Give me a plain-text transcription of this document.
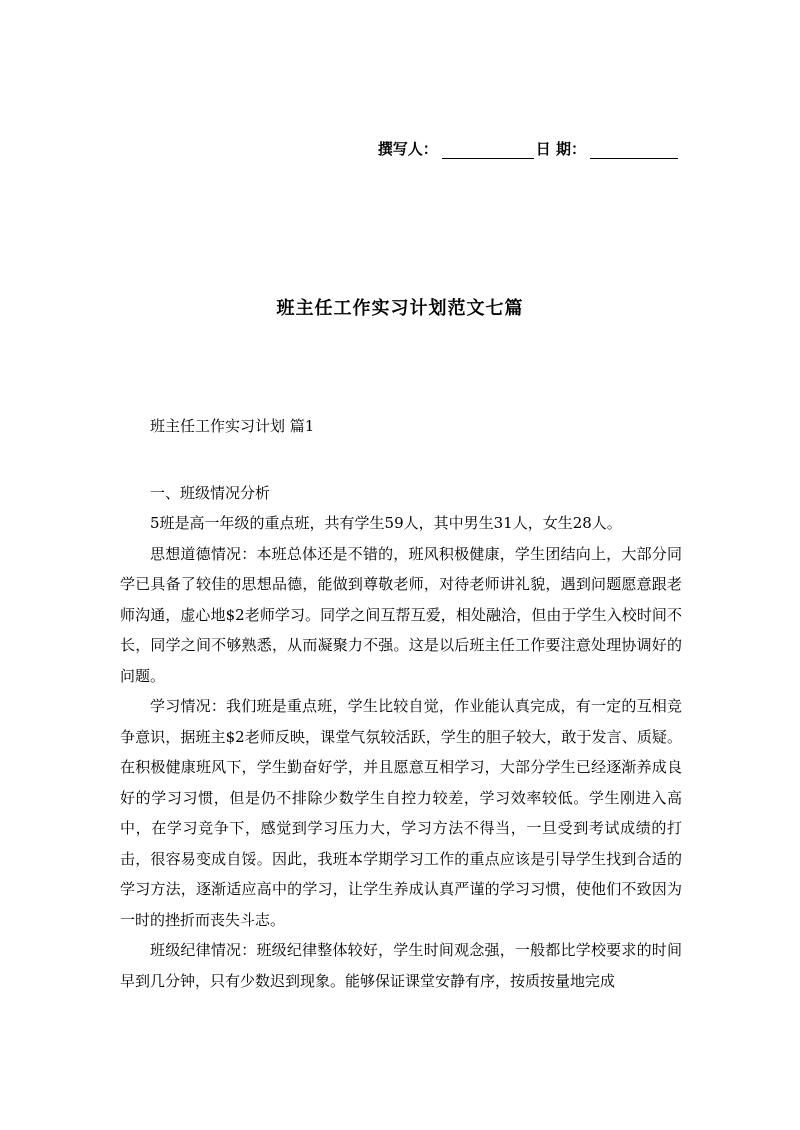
撰写人：	日 期：
班主任工作实习计划范文七篇
班主任工作实习计划 篇1
一、班级情况分析

5班是高一年级的重点班，共有学生59人，其中男生31人，女生28人。

思想道德情况：本班总体还是不错的，班风积极健康，学生团结向上，大部分同学已具备了较佳的思想品德，能做到尊敬老师，对待老师讲礼貌，遇到问题愿意跟老师沟通，虚心地$2老师学习。同学之间互帮互爱，相处融洽，但由于学生入校时间不长，同学之间不够熟悉，从而凝聚力不强。这是以后班主任工作要注意处理协调好的问题。

学习情况：我们班是重点班，学生比较自觉，作业能认真完成，有一定的互相竞争意识，据班主$2老师反映，课堂气氛较活跃，学生的胆子较大，敢于发言、质疑。在积极健康班风下，学生勤奋好学，并且愿意互相学习，大部分学生已经逐渐养成良好的学习习惯，但是仍不排除少数学生自控力较差，学习效率较低。学生刚进入高中，在学习竞争下，感觉到学习压力大，学习方法不得当，一旦受到考试成绩的打击，很容易变成自馁。因此，我班本学期学习工作的重点应该是引导学生找到合适的学习方法，逐渐适应高中的学习，让学生养成认真严谨的学习习惯，使他们不致因为一时的挫折而丧失斗志。

班级纪律情况：班级纪律整体较好，学生时间观念强，一般都比学校要求的时间早到几分钟，只有少数迟到现象。能够保证课堂安静有序，按质按量地完成
